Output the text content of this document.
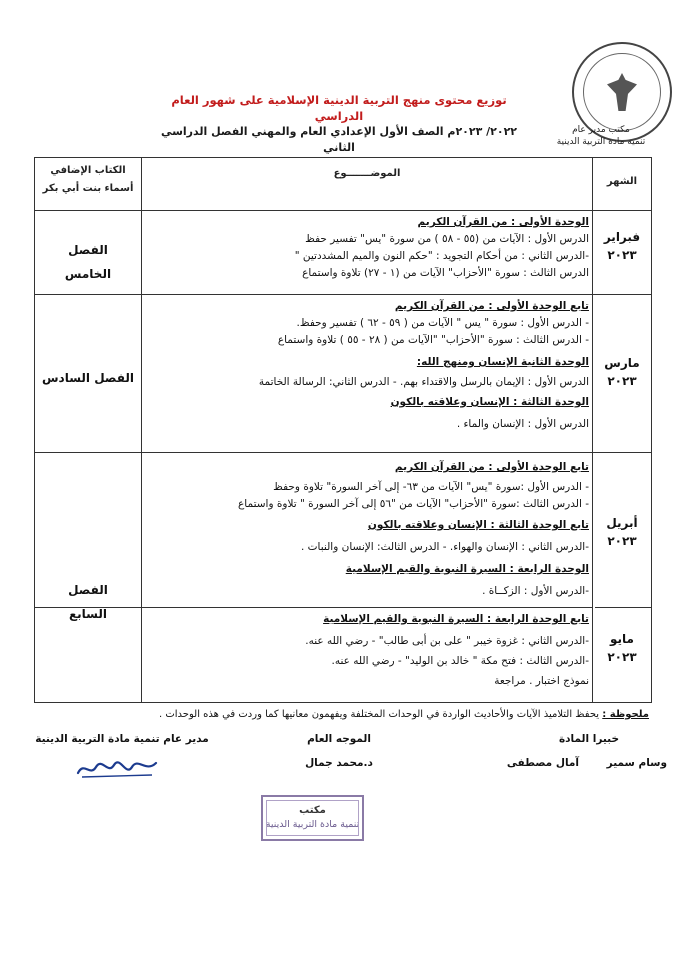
مكتب مدير عام
تنمية مادة التربية الدينية
توزيع محتوى منهج التربية الدينية الإسلامية على شهور العام الدراسي
٢٠٢٢/ ٢٠٢٣م الصف الأول الإعدادي العام والمهني الفصل الدراسي الثاني
الشهر
الموضـــــــوع
الكتاب الإضافي
أسماء بنت أبي بكر
فبراير
٢٠٢٣
الفصل
الخامس
الوحدة الأولى : من القرآن الكريم
الدرس الأول : الآيات من (٥٥ - ٥٨ ) من سورة "يس" تفسير حفظ
-الدرس الثاني : من أحكام التجويد : "حكم النون والميم المشددتين "
الدرس الثالث : سورة "الأحزاب" الآيات من (١ - ٢٧) تلاوة واستماع
مارس
٢٠٢٣
الفصل السادس
تابع الوحدة الأولى : من القرآن الكريم
- الدرس الأول : سورة " يس " الآيات من ( ٥٩ - ٦٢ ) تفسير وحفظ.
- الدرس الثالث : سورة "الأحزاب" "الآيات من ( ٢٨ - ٥٥ ) تلاوة واستماع
الوحدة الثانية الإنسان ومنهج الله:
الدرس الأول : الإيمان بالرسل والاقتداء بهم. - الدرس الثاني: الرسالة الخاتمة
الوحدة الثالثة : الإنسان وعلاقته بالكون
الدرس الأول : الإنسان والماء .
أبريل
٢٠٢٣
الفصل
السابع
تابع الوحدة الأولى : من القرآن الكريم
- الدرس الأول :سورة "يس" الآيات من ٦٣- إلى آخر السورة" تلاوة وحفظ
- الدرس الثالث :سورة "الأحزاب" الآيات من "٥٦ إلى آخر السورة " تلاوة واستماع
تابع الوحدة الثالثة : الإنسان وعلاقته بالكون
-الدرس الثاني : الإنسان والهواء. - الدرس الثالث: الإنسان والنبات .
الوحدة الرابعة : السيرة النبوية والقيم الإسلامية
-الدرس الأول : الزكــاة .
مايو
٢٠٢٣
تابع الوحدة الرابعة : السيرة النبوية والقيم الإسلامية
-الدرس الثاني : غزوة خيبر " على بن أبى طالب" - رضي الله عنه.
-الدرس الثالث : فتح مكة " خالد بن الوليد" - رضي الله عنه.
نموذج اختبار . مراجعة
ملحوظة : يحفظ التلاميذ الآيات والأحاديث الواردة في الوحدات المختلفة ويفهمون معانيها كما وردت في هذه الوحدات .
خبيرا المادة
الموجه العام
مدير عام تنمية مادة التربية الدينية
وسام سمير
آمال مصطفى
د.محمد جمال
مكتب
تنمية مادة التربية الدينية
